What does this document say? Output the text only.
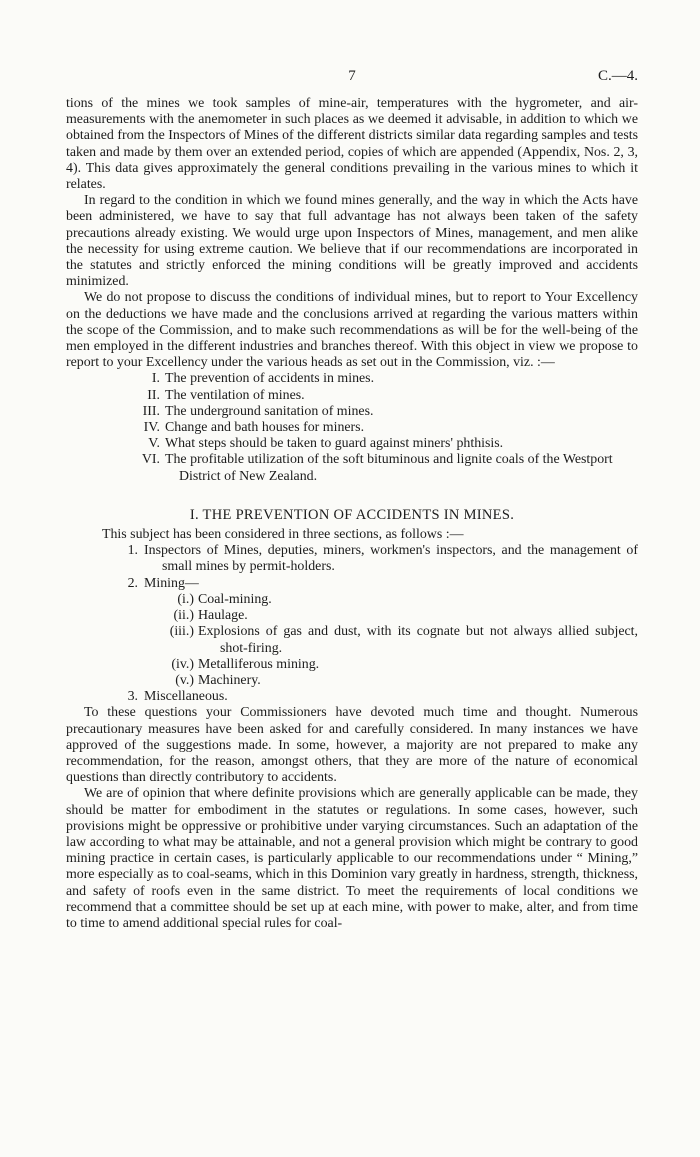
7	C.—4.

tions of the mines we took samples of mine-air, temperatures with the hygrometer, and air-measurements with the anemometer in such places as we deemed it advisable, in addition to which we obtained from the Inspectors of Mines of the different districts similar data regarding samples and tests taken and made by them over an extended period, copies of which are appended (Appendix, Nos. 2, 3, 4). This data gives approximately the general conditions prevailing in the various mines to which it relates.

In regard to the condition in which we found mines generally, and the way in which the Acts have been administered, we have to say that full advantage has not always been taken of the safety precautions already existing. We would urge upon Inspectors of Mines, management, and men alike the necessity for using extreme caution. We believe that if our recommendations are incorporated in the statutes and strictly enforced the mining conditions will be greatly improved and accidents minimized.

We do not propose to discuss the conditions of individual mines, but to report to Your Excellency on the deductions we have made and the conclusions arrived at regarding the various matters within the scope of the Commission, and to make such recommendations as will be for the well-being of the men employed in the different industries and branches thereof. With this object in view we propose to report to your Excellency under the various heads as set out in the Commission, viz. :—

I. The prevention of accidents in mines.
II. The ventilation of mines.
III. The underground sanitation of mines.
IV. Change and bath houses for miners.
V. What steps should be taken to guard against miners' phthisis.
VI. The profitable utilization of the soft bituminous and lignite coals of the Westport District of New Zealand.
I. THE PREVENTION OF ACCIDENTS IN MINES.

This subject has been considered in three sections, as follows :—

1. Inspectors of Mines, deputies, miners, workmen's inspectors, and the management of small mines by permit-holders.
2. Mining—
(i.) Coal-mining.
(ii.) Haulage.
(iii.) Explosions of gas and dust, with its cognate but not always allied subject, shot-firing.
(iv.) Metalliferous mining.
(v.) Machinery.
3. Miscellaneous.

To these questions your Commissioners have devoted much time and thought. Numerous precautionary measures have been asked for and carefully considered. In many instances we have approved of the suggestions made. In some, however, a majority are not prepared to make any recommendation, for the reason, amongst others, that they are more of the nature of economical questions than directly contributory to accidents.

We are of opinion that where definite provisions which are generally applicable can be made, they should be matter for embodiment in the statutes or regulations. In some cases, however, such provisions might be oppressive or prohibitive under varying circumstances. Such an adaptation of the law according to what may be attainable, and not a general provision which might be contrary to good mining practice in certain cases, is particularly applicable to our recommendations under “ Mining,” more especially as to coal-seams, which in this Dominion vary greatly in hardness, strength, thickness, and safety of roofs even in the same district. To meet the requirements of local conditions we recommend that a committee should be set up at each mine, with power to make, alter, and from time to time to amend additional special rules for coal-
